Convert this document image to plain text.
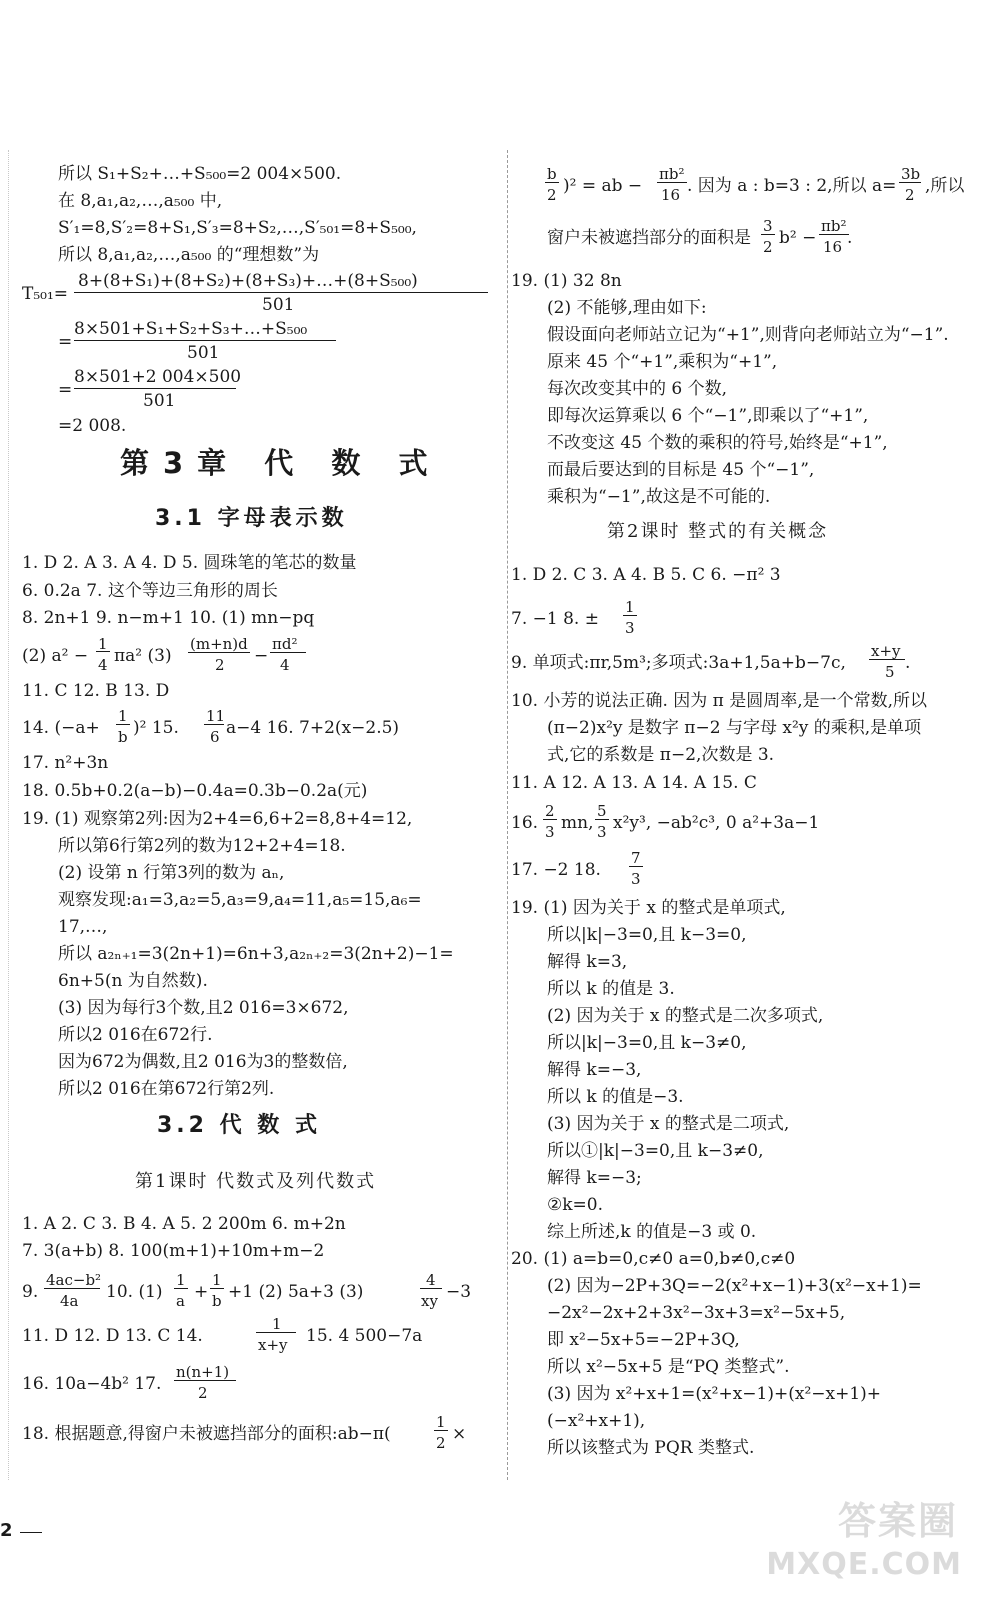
所以 S₁+S₂+…+S₅₀₀=2 004×500.
在 8,a₁,a₂,…,a₅₀₀ 中,
S′₁=8,S′₂=8+S₁,S′₃=8+S₂,…,S′₅₀₁=8+S₅₀₀,
所以 8,a₁,a₂,…,a₅₀₀ 的“理想数”为
T₅₀₁=
8+(8+S₁)+(8+S₂)+(8+S₃)+…+(8+S₅₀₀)
501
=
8×501+S₁+S₂+S₃+…+S₅₀₀
501
=
8×501+2 004×500
501
=2 008.
第3章 代 数 式
3.1 字母表示数
1. D 2. A 3. A 4. D 5. 圆珠笔的笔芯的数量
6. 0.2a 7. 这个等边三角形的周长
8. 2n+1 9. n−m+1 10. (1) mn−pq
(2) a² −
1
4 πa² (3)
(m+n)d
2 −
πd²
4
11. C 12. B 13. D
14. (−a+
1
b )² 15.
11
6 a−4 16. 7+2(x−2.5)
17. n²+3n
18. 0.5b+0.2(a−b)−0.4a=0.3b−0.2a(元)
19. (1) 观察第2列:因为2+4=6,6+2=8,8+4=12,
所以第6行第2列的数为12+2+4=18.
(2) 设第 n 行第3列的数为 aₙ,
观察发现:a₁=3,a₂=5,a₃=9,a₄=11,a₅=15,a₆=
17,…,
所以 a₂ₙ₊₁=3(2n+1)=6n+3,a₂ₙ₊₂=3(2n+2)−1=
6n+5(n 为自然数).
(3) 因为每行3个数,且2 016=3×672,
所以2 016在672行.
因为672为偶数,且2 016为3的整数倍,
所以2 016在第672行第2列.
3.2 代 数 式
第1课时 代数式及列代数式
1. A 2. C 3. B 4. A 5. 2 200m 6. m+2n
7. 3(a+b) 8. 100(m+1)+10m+m−2
9.
4ac−b²
4a 10. (1)
1
a +
1
b +1 (2) 5a+3 (3)
4
xy −3
11. D 12. D 13. C 14.
1
x+y 15. 4 500−7a
16. 10a−4b² 17.
n(n+1)
2
18. 根据题意,得窗户未被遮挡部分的面积:ab−π(
1
2 ×
b
2 )² = ab −
πb²
16 . 因为 a : b=3 : 2,所以 a=
3b
2 ,所以
窗户未被遮挡部分的面积是
3
2 b² −
πb²
16 .
19. (1) 32 8n
(2) 不能够,理由如下:
假设面向老师站立记为“+1”,则背向老师站立为“−1”.
原来 45 个“+1”,乘积为“+1”,
每次改变其中的 6 个数,
即每次运算乘以 6 个“−1”,即乘以了“+1”,
不改变这 45 个数的乘积的符号,始终是“+1”,
而最后要达到的目标是 45 个“−1”,
乘积为“−1”,故这是不可能的.
第2课时 整式的有关概念
1. D 2. C 3. A 4. B 5. C 6. −π² 3
7. −1 8. ±
1
3
9. 单项式:πr,5m³;多项式:3a+1,5a+b−7c,
x+y
5 .
10. 小芳的说法正确. 因为 π 是圆周率,是一个常数,所以
(π−2)x²y 是数字 π−2 与字母 x²y 的乘积,是单项
式,它的系数是 π−2,次数是 3.
11. A 12. A 13. A 14. A 15. C
16.
2
3 mn,
5
3 x²y³, −ab²c³, 0 a²+3a−1
17. −2 18.
7
3
19. (1) 因为关于 x 的整式是单项式,
所以|k|−3=0,且 k−3=0,
解得 k=3,
所以 k 的值是 3.
(2) 因为关于 x 的整式是二次多项式,
所以|k|−3=0,且 k−3≠0,
解得 k=−3,
所以 k 的值是−3.
(3) 因为关于 x 的整式是二项式,
所以①|k|−3=0,且 k−3≠0,
解得 k=−3;
②k=0.
综上所述,k 的值是−3 或 0.
20. (1) a=b=0,c≠0 a=0,b≠0,c≠0
(2) 因为−2P+3Q=−2(x²+x−1)+3(x²−x+1)=
−2x²−2x+2+3x²−3x+3=x²−5x+5,
即 x²−5x+5=−2P+3Q,
所以 x²−5x+5 是“PQ 类整式”.
(3) 因为 x²+x+1=(x²+x−1)+(x²−x+1)+
(−x²+x+1),
所以该整式为 PQR 类整式.
2	答案圈
MXQE.COM
